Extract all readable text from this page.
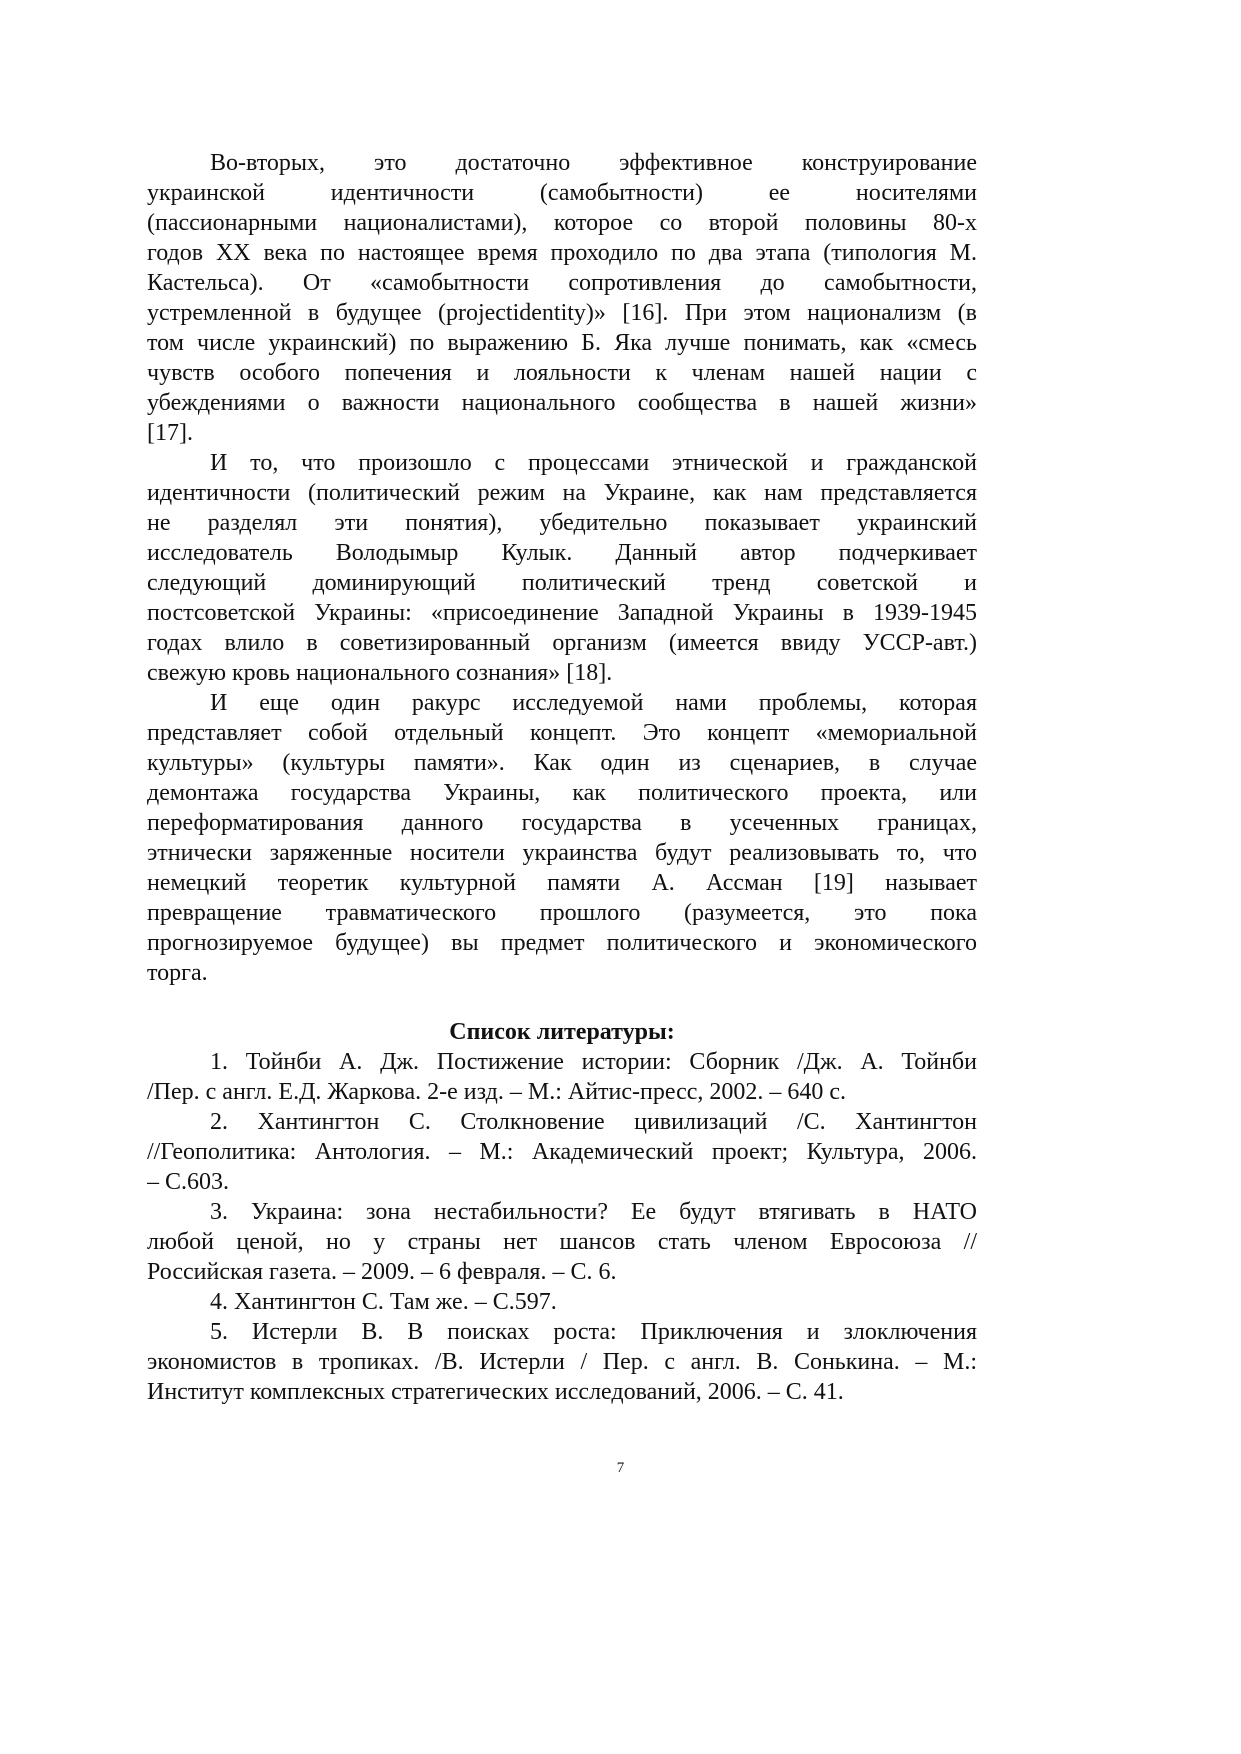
Во-вторых, это достаточно эффективное конструирование
украинской идентичности (самобытности) ее носителями
(пассионарными националистами), которое со второй половины 80-х
годов XX века по настоящее время проходило по два этапа (типология М.
Кастельса). От «самобытности сопротивления до самобытности,
устремленной в будущее (projectidentity)» [16]. При этом национализм (в
том числе украинский) по выражению Б. Яка лучше понимать, как «смесь
чувств особого попечения и лояльности к членам нашей нации с
убеждениями о важности национального сообщества в нашей жизни»
[17].
И то, что произошло с процессами этнической и гражданской
идентичности (политический режим на Украине, как нам представляется
не разделял эти понятия), убедительно показывает украинский
исследователь Володымыр Кулык. Данный автор подчеркивает
следующий доминирующий политический тренд советской и
постсоветской Украины: «присоединение Западной Украины в 1939-1945
годах влило в советизированный организм (имеется ввиду УССР-авт.)
свежую кровь национального сознания» [18].
И еще один ракурс исследуемой нами проблемы, которая
представляет собой отдельный концепт. Это концепт «мемориальной
культуры» (культуры памяти». Как один из сценариев, в случае
демонтажа государства Украины, как политического проекта, или
переформатирования данного государства в усеченных границах,
этнически заряженные носители украинства будут реализовывать то, что
немецкий теоретик культурной памяти А. Ассман [19] называет
превращение травматического прошлого (разумеется, это пока
прогнозируемое будущее) вы предмет политического и экономического
торга.
Список литературы:
1. Тойнби А. Дж. Постижение истории: Сборник /Дж. А. Тойнби
/Пер. с англ. Е.Д. Жаркова. 2-е изд. – М.: Айтис-пресс, 2002. – 640 с.
2. Хантингтон С. Столкновение цивилизаций /С. Хантингтон
//Геополитика: Антология. – М.: Академический проект; Культура, 2006.
– С.603.
3. Украина: зона нестабильности? Ее будут втягивать в НАТО
любой ценой, но у страны нет шансов стать членом Евросоюза //
Российская газета. – 2009. – 6 февраля. – С. 6.
4. Хантингтон С. Там же. – С.597.
5. Истерли В. В поисках роста: Приключения и злоключения
экономистов в тропиках. /В. Истерли / Пер. с англ. В. Сонькина. – М.:
Институт комплексных стратегических исследований, 2006. – С. 41.
7
